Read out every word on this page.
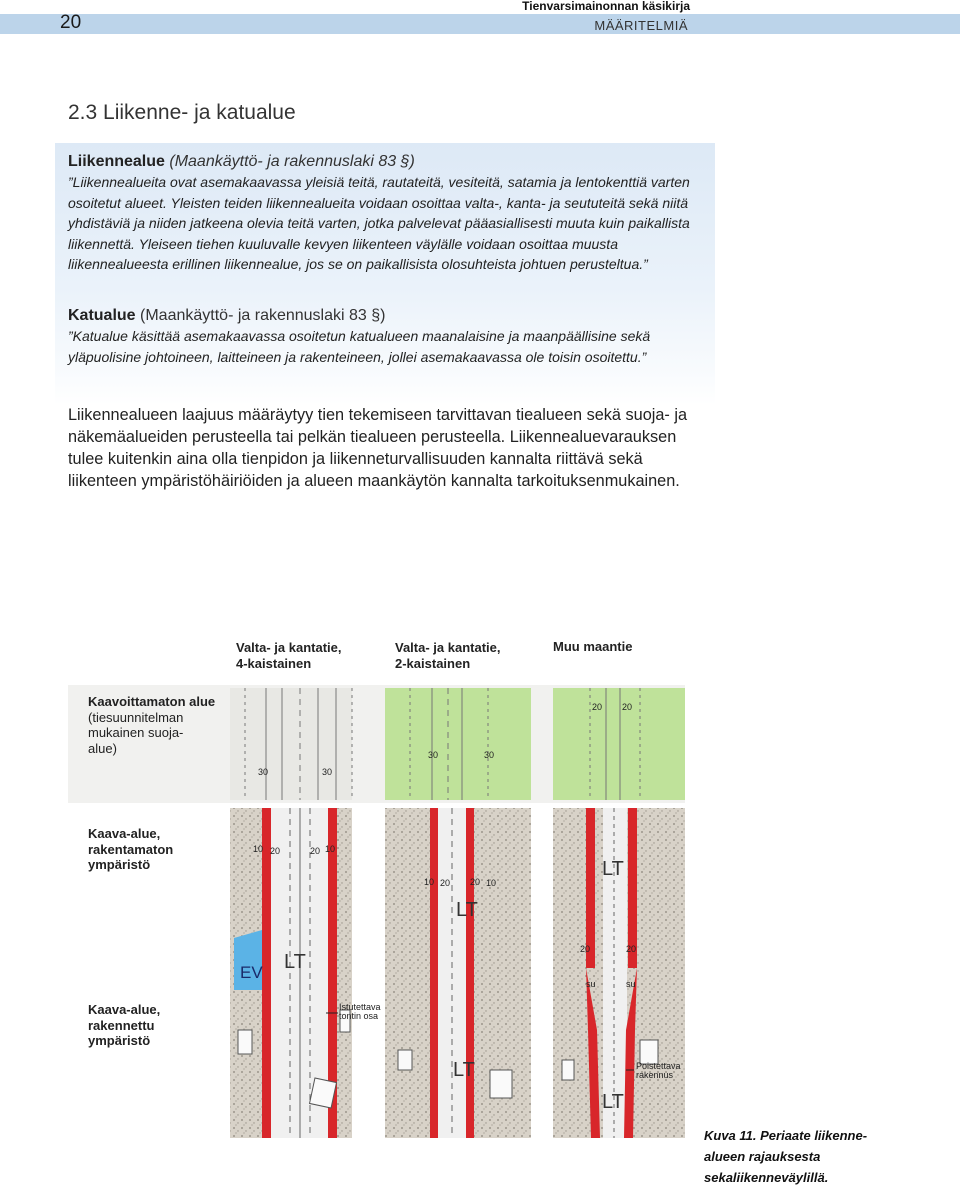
20
Tienvarsimainonnan käsikirja
MÄÄRITELMIÄ
2.3 Liikenne- ja katualue
Liikennealue (Maankäyttö- ja rakennuslaki 83 §)
”Liikennealueita ovat asemakaavassa yleisiä teitä, rautateitä, vesiteitä, satamia ja lentokenttiä varten osoitetut alueet. Yleisten teiden liikennealueita voidaan osoittaa valta-, kanta- ja seututeitä sekä niitä yhdistäviä ja niiden jatkeena olevia teitä varten, jotka palvelevat pääasiallisesti muuta kuin paikallista liikennettä. Yleiseen tiehen kuuluvalle kevyen liikenteen väylälle voidaan osoittaa muusta liikennealueesta erillinen liikennealue, jos se on paikallisista olosuhteista johtuen perusteltua.”
Katualue (Maankäyttö- ja rakennuslaki 83 §)
”Katualue käsittää asemakaavassa osoitetun katualueen maanalaisine ja maanpäällisine sekä yläpuolisine johtoineen, laitteineen ja rakenteineen, jollei asemakaavassa ole toisin osoitettu.”
Liikennealueen laajuus määräytyy tien tekemiseen tarvittavan tiealueen sekä suoja- ja näkemäalueiden perusteella tai pelkän tiealueen perusteella. Liikennealuevarauksen tulee kuitenkin aina olla tienpidon ja liikenneturvallisuuden kannalta riittävä sekä liikenteen ympäristöhäiriöiden ja alueen maankäytön kannalta tarkoituksenmukainen.
Valta- ja kantatie,
4-kaistainen
Valta- ja kantatie,
2-kaistainen
Muu maantie
30	30
30	30
20 20
10 20	20 10
10 20 20 10
20	20
su	su
Istutettava
tontin osa
Poistettava
rakennus
LT
LT
LT
LT
LT
EV
Kaavoittamaton alue
(tiesuunnitelman mukainen suoja-alue)
Kaava-alue, rakentamaton ympäristö
Kaava-alue, rakennettu ympäristö
Kuva 11. Periaate liikenne-
alueen rajauksesta
sekaliikenneväylillä.
